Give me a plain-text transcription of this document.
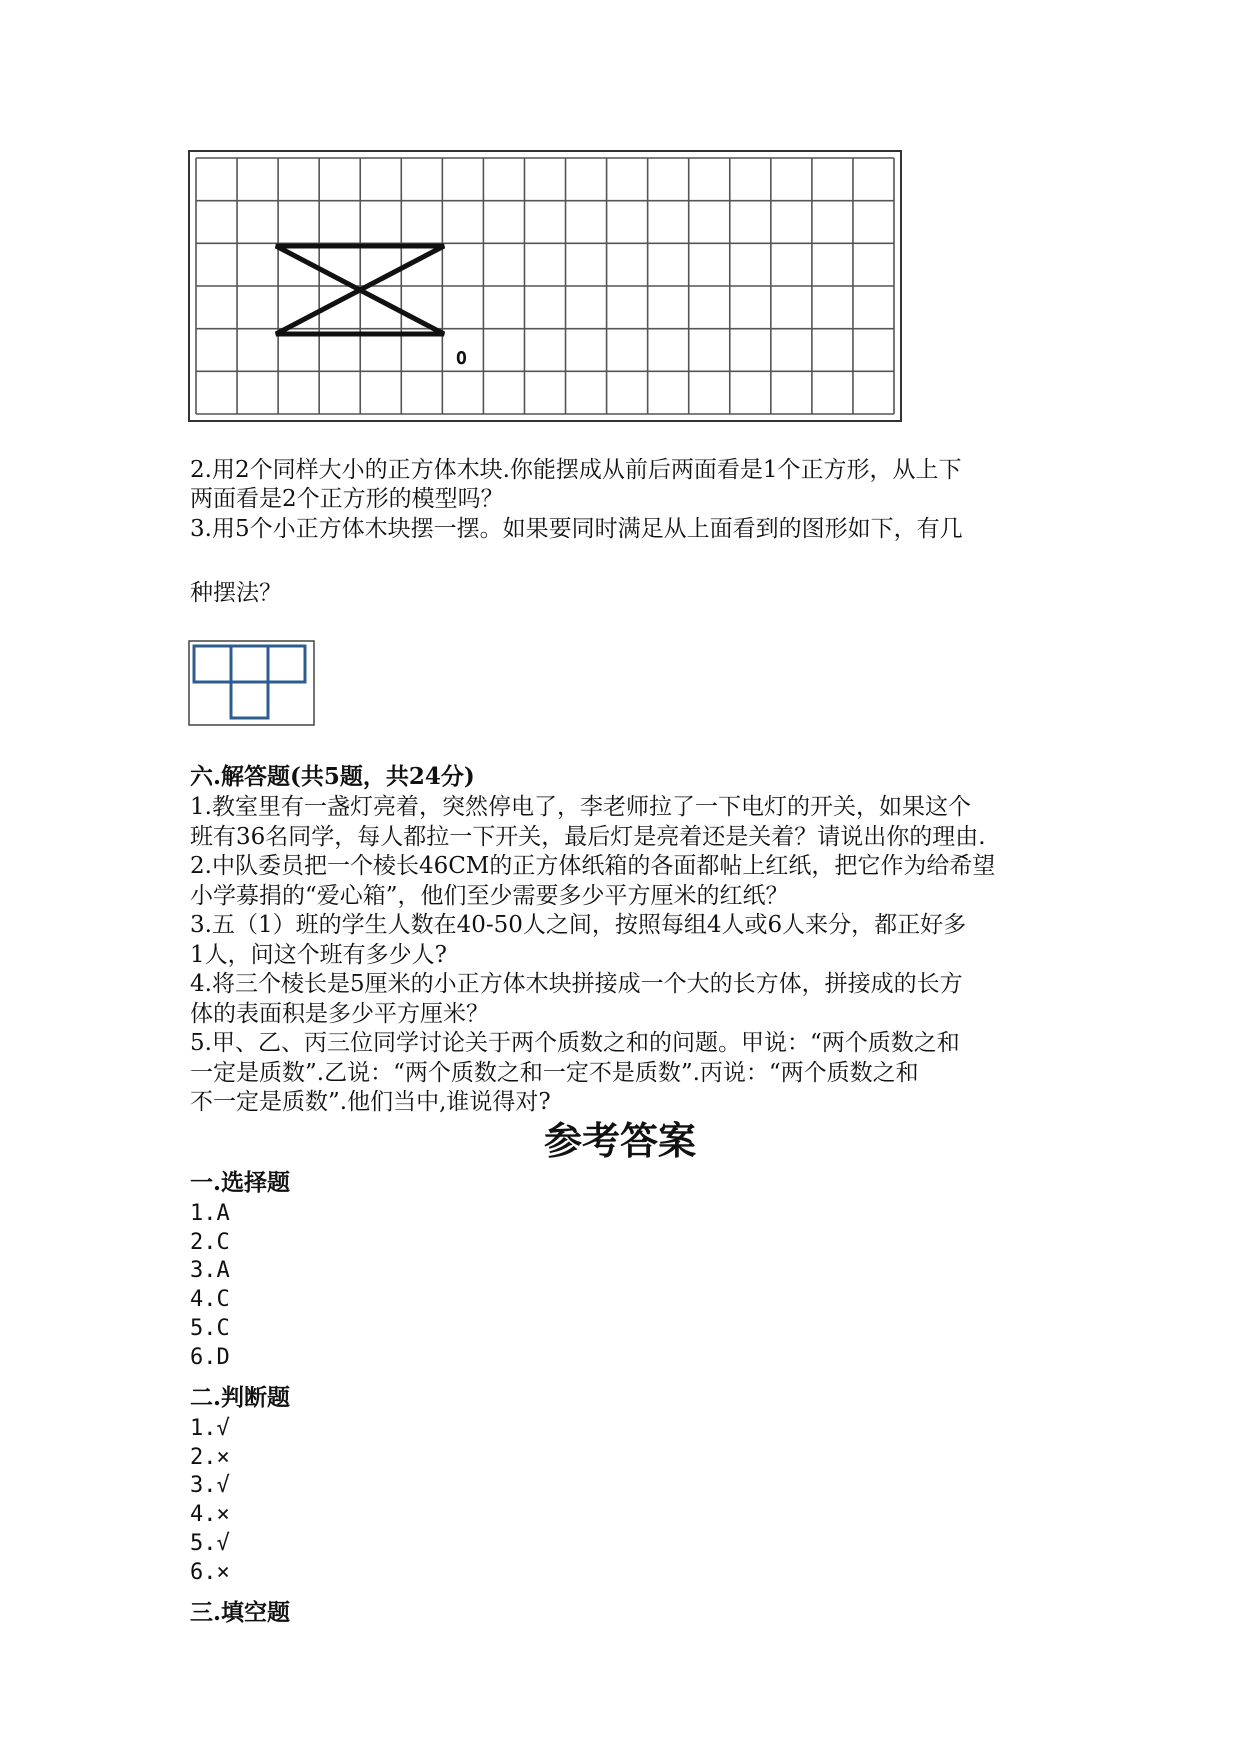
O
2.用2个同样大小的正方体木块.你能摆成从前后两面看是1个正方形，从上下
两面看是2个正方形的模型吗？
3.用5个小正方体木块摆一摆。如果要同时满足从上面看到的图形如下，有几
种摆法？
六.解答题(共5题，共24分)
1.教室里有一盏灯亮着，突然停电了，李老师拉了一下电灯的开关，如果这个
班有36名同学，每人都拉一下开关，最后灯是亮着还是关着？请说出你的理由.
2.中队委员把一个棱长46CM的正方体纸箱的各面都帖上红纸，把它作为给希望
小学募捐的“爱心箱”，他们至少需要多少平方厘米的红纸？
3.五（1）班的学生人数在40-50人之间，按照每组4人或6人来分，都正好多
1人，问这个班有多少人?
4.将三个棱长是5厘米的小正方体木块拼接成一个大的长方体，拼接成的长方
体的表面积是多少平方厘米？
5.甲、乙、丙三位同学讨论关于两个质数之和的问题。甲说：“两个质数之和
一定是质数”.乙说：“两个质数之和一定不是质数”.丙说：“两个质数之和
不一定是质数”.他们当中,谁说得对?
参考答案
一.选择题
1.A
2.C
3.A
4.C
5.C
6.D
二.判断题
1.√
2.×
3.√
4.×
5.√
6.×
三.填空题
